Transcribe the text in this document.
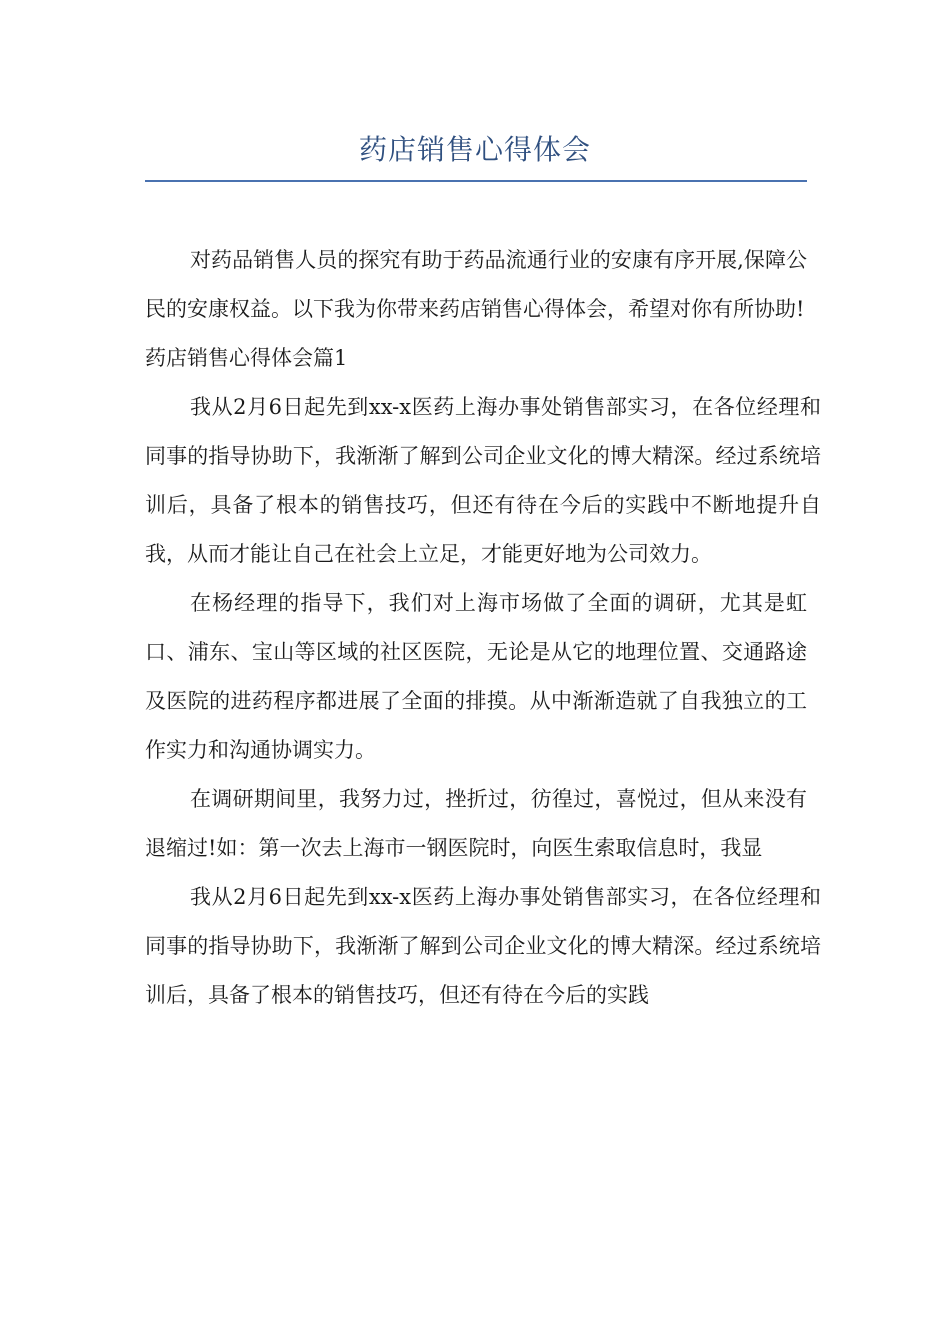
药店销售心得体会

对药品销售人员的探究有助于药品流通行业的安康有序开展,保障公民的安康权益。以下我为你带来药店销售心得体会，希望对你有所协助!

药店销售心得体会篇1

我从2月6日起先到xx-x医药上海办事处销售部实习，在各位经理和同事的指导协助下，我渐渐了解到公司企业文化的博大精深。经过系统培训后，具备了根本的销售技巧，但还有待在今后的实践中不断地提升自我，从而才能让自己在社会上立足，才能更好地为公司效力。

在杨经理的指导下，我们对上海市场做了全面的调研，尤其是虹口、浦东、宝山等区域的社区医院，无论是从它的地理位置、交通路途及医院的进药程序都进展了全面的排摸。从中渐渐造就了自我独立的工作实力和沟通协调实力。

在调研期间里，我努力过，挫折过，彷徨过，喜悦过，但从来没有退缩过!如：第一次去上海市一钢医院时，向医生索取信息时，我显

我从2月6日起先到xx-x医药上海办事处销售部实习，在各位经理和同事的指导协助下，我渐渐了解到公司企业文化的博大精深。经过系统培训后，具备了根本的销售技巧，但还有待在今后的实践
